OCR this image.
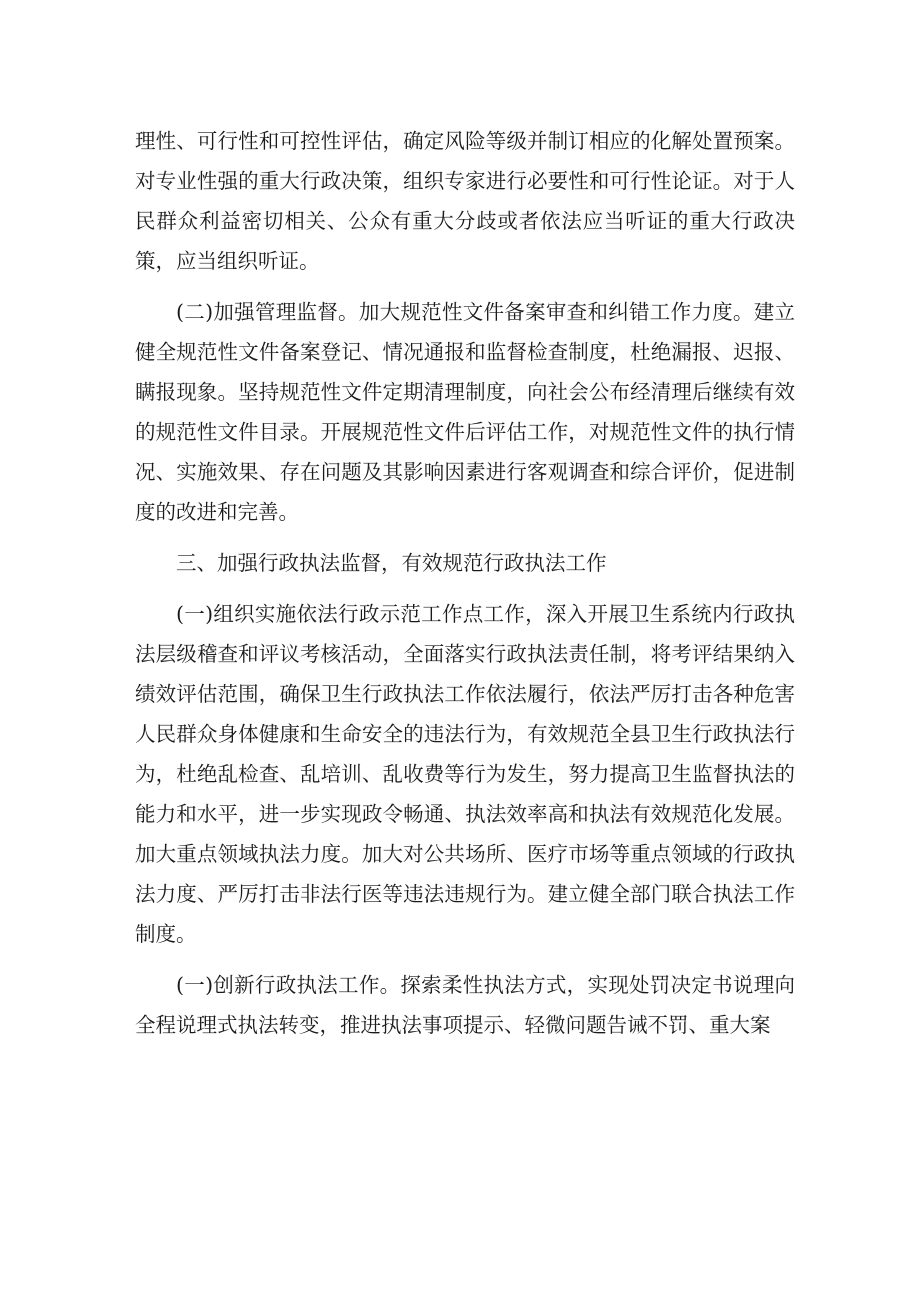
理性、可行性和可控性评估，确定风险等级并制订相应的化解处置预案。对专业性强的重大行政决策，组织专家进行必要性和可行性论证。对于人民群众利益密切相关、公众有重大分歧或者依法应当听证的重大行政决策，应当组织听证。

(二)加强管理监督。加大规范性文件备案审查和纠错工作力度。建立健全规范性文件备案登记、情况通报和监督检查制度，杜绝漏报、迟报、瞒报现象。坚持规范性文件定期清理制度，向社会公布经清理后继续有效的规范性文件目录。开展规范性文件后评估工作，对规范性文件的执行情况、实施效果、存在问题及其影响因素进行客观调查和综合评价，促进制度的改进和完善。

三、加强行政执法监督，有效规范行政执法工作

(一)组织实施依法行政示范工作点工作，深入开展卫生系统内行政执法层级稽查和评议考核活动，全面落实行政执法责任制，将考评结果纳入绩效评估范围，确保卫生行政执法工作依法履行，依法严厉打击各种危害人民群众身体健康和生命安全的违法行为，有效规范全县卫生行政执法行为，杜绝乱检查、乱培训、乱收费等行为发生，努力提高卫生监督执法的能力和水平，进一步实现政令畅通、执法效率高和执法有效规范化发展。加大重点领域执法力度。加大对公共场所、医疗市场等重点领域的行政执法力度、严厉打击非法行医等违法违规行为。建立健全部门联合执法工作制度。

(一)创新行政执法工作。探索柔性执法方式，实现处罚决定书说理向全程说理式执法转变，推进执法事项提示、轻微问题告诫不罚、重大案
